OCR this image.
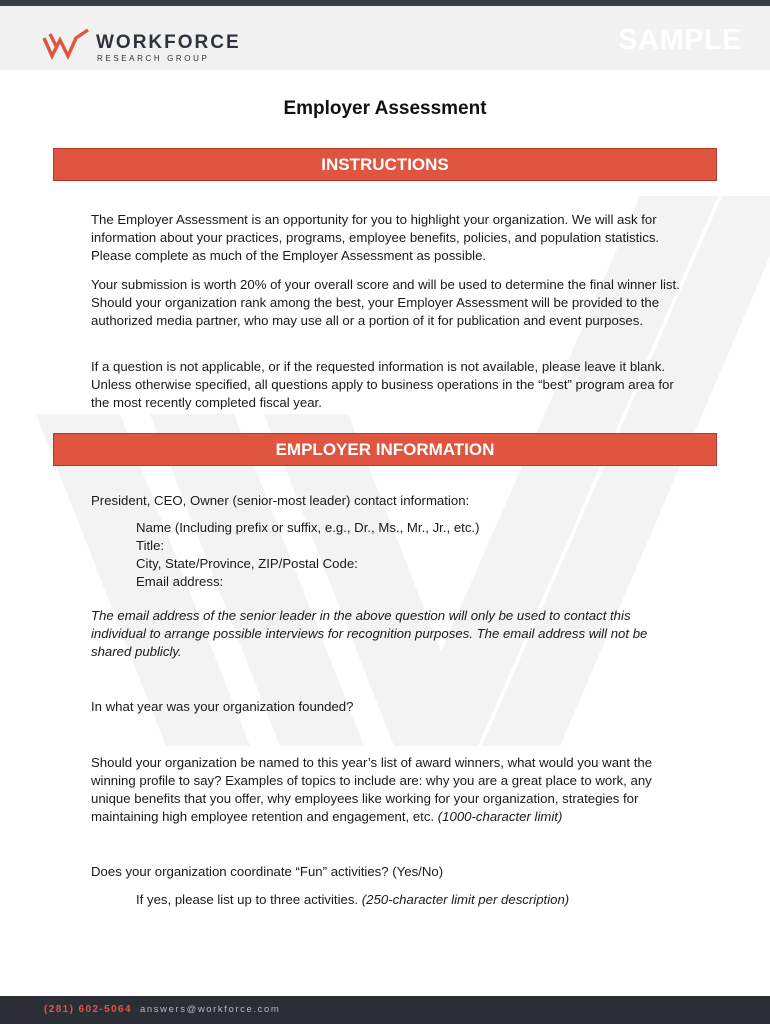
WORKFORCE
RESEARCH GROUP
SAMPLE
Employer Assessment
INSTRUCTIONS

The Employer Assessment is an opportunity for you to highlight your organization. We will ask for information about your practices, programs, employee benefits, policies, and population statistics. Please complete as much of the Employer Assessment as possible.

Your submission is worth 20% of your overall score and will be used to determine the final winner list. Should your organization rank among the best, your Employer Assessment will be provided to the authorized media partner, who may use all or a portion of it for publication and event purposes.

If a question is not applicable, or if the requested information is not available, please leave it blank. Unless otherwise specified, all questions apply to business operations in the “best” program area for the most recently completed fiscal year.

EMPLOYER INFORMATION

President, CEO, Owner (senior-most leader) contact information:

Name (Including prefix or suffix, e.g., Dr., Ms., Mr., Jr., etc.)
Title:
City, State/Province, ZIP/Postal Code:
Email address:

The email address of the senior leader in the above question will only be used to contact this individual to arrange possible interviews for recognition purposes. The email address will not be shared publicly.

In what year was your organization founded?

Should your organization be named to this year’s list of award winners, what would you want the winning profile to say? Examples of topics to include are: why you are a great place to work, any unique benefits that you offer, why employees like working for your organization, strategies for maintaining high employee retention and engagement, etc. (1000-character limit)

Does your organization coordinate “Fun” activities? (Yes/No)

If yes, please list up to three activities. (250-character limit per description)
(281) 602-5064 answers@workforce.com
